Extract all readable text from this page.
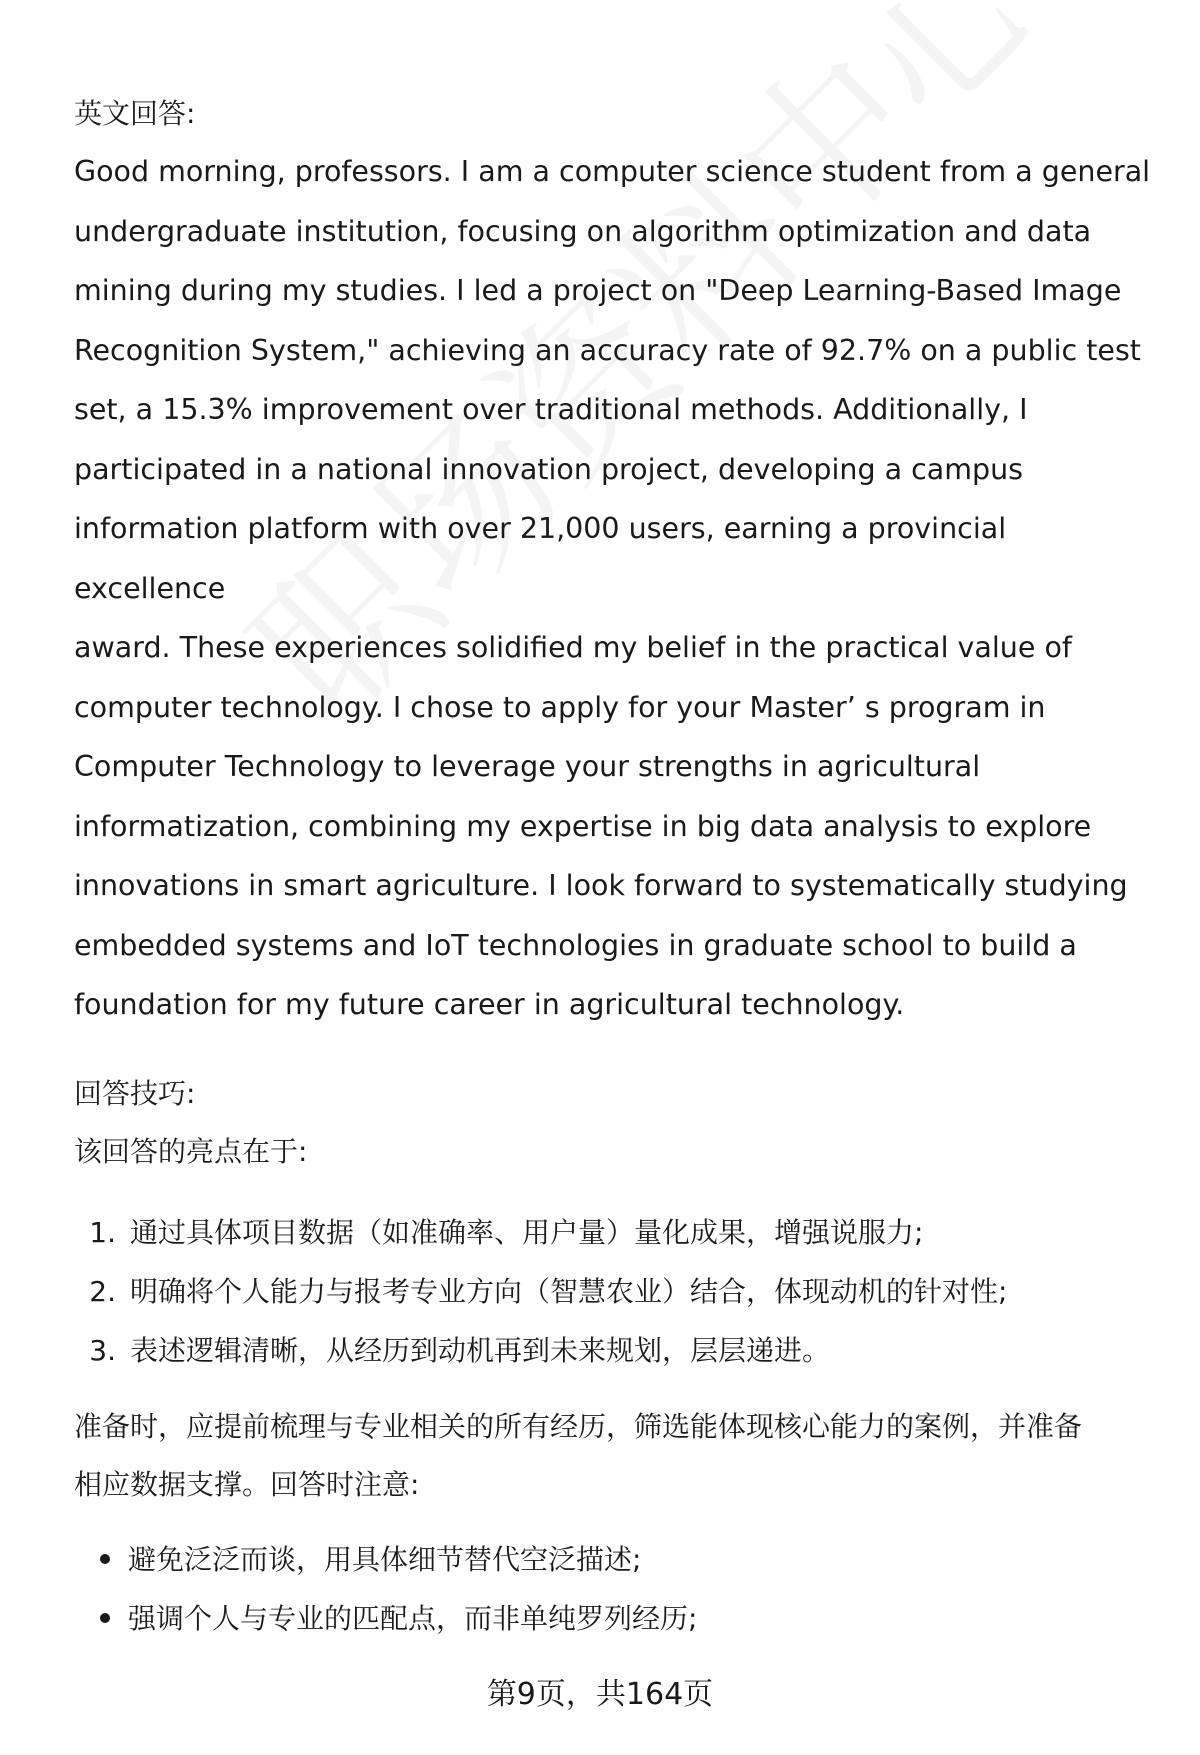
英文回答:

Good morning, professors. I am a computer science student from a general
undergraduate institution, focusing on algorithm optimization and data
mining during my studies. I led a project on "Deep Learning-Based Image
Recognition System," achieving an accuracy rate of 92.7% on a public test
set, a 15.3% improvement over traditional methods. Additionally, I
participated in a national innovation project, developing a campus
information platform with over 21,000 users, earning a provincial excellence
award. These experiences solidified my belief in the practical value of
computer technology. I chose to apply for your Master’ s program in
Computer Technology to leverage your strengths in agricultural
informatization, combining my expertise in big data analysis to explore
innovations in smart agriculture. I look forward to systematically studying
embedded systems and IoT technologies in graduate school to build a
foundation for my future career in agricultural technology.

回答技巧:

该回答的亮点在于:

1. 通过具体项目数据（如准确率、用户量）量化成果，增强说服力;
2. 明确将个人能力与报考专业方向（智慧农业）结合，体现动机的针对性;
3. 表述逻辑清晰，从经历到动机再到未来规划，层层递进。
准备时，应提前梳理与专业相关的所有经历，筛选能体现核心能力的案例，并准备
相应数据支撑。回答时注意:
避免泛泛而谈，用具体细节替代空泛描述;
强调个人与专业的匹配点，而非单纯罗列经历;
第9页，共164页
